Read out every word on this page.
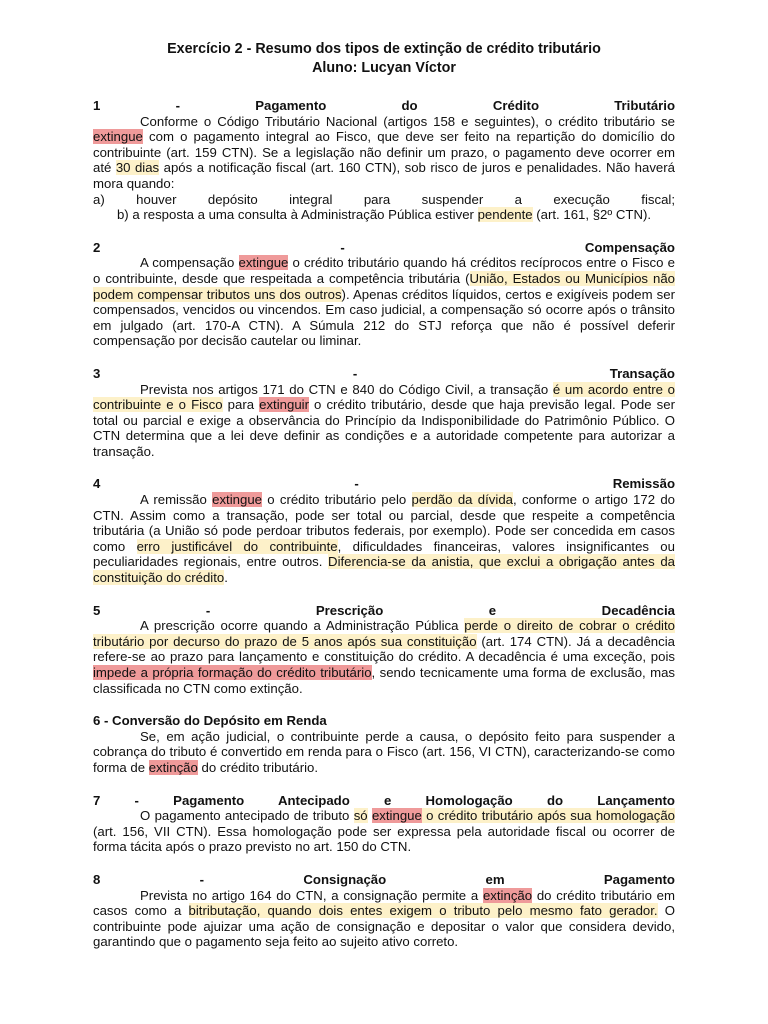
Exercício 2 - Resumo dos tipos de extinção de crédito tributário
Aluno: Lucyan Víctor
1	-	Pagamento	do	Crédito	Tributário
Conforme o Código Tributário Nacional (artigos 158 e seguintes), o crédito tributário se extingue com o pagamento integral ao Fisco, que deve ser feito na repartição do domicílio do contribuinte (art. 159 CTN). Se a legislação não definir um prazo, o pagamento deve ocorrer em até 30 dias após a notificação fiscal (art. 160 CTN), sob risco de juros e penalidades. Não haverá mora quando:
a) houver depósito integral para suspender a execução fiscal;
b) a resposta a uma consulta à Administração Pública estiver pendente (art. 161, §2º CTN).
2	-	Compensação
A compensação extingue o crédito tributário quando há créditos recíprocos entre o Fisco e o contribuinte, desde que respeitada a competência tributária (União, Estados ou Municípios não podem compensar tributos uns dos outros). Apenas créditos líquidos, certos e exigíveis podem ser compensados, vencidos ou vincendos. Em caso judicial, a compensação só ocorre após o trânsito em julgado (art. 170-A CTN). A Súmula 212 do STJ reforça que não é possível deferir compensação por decisão cautelar ou liminar.
3	-	Transação
Prevista nos artigos 171 do CTN e 840 do Código Civil, a transação é um acordo entre o contribuinte e o Fisco para extinguir o crédito tributário, desde que haja previsão legal. Pode ser total ou parcial e exige a observância do Princípio da Indisponibilidade do Patrimônio Público. O CTN determina que a lei deve definir as condições e a autoridade competente para autorizar a transação.
4	-	Remissão
A remissão extingue o crédito tributário pelo perdão da dívida, conforme o artigo 172 do CTN. Assim como a transação, pode ser total ou parcial, desde que respeite a competência tributária (a União só pode perdoar tributos federais, por exemplo). Pode ser concedida em casos como erro justificável do contribuinte, dificuldades financeiras, valores insignificantes ou peculiaridades regionais, entre outros. Diferencia-se da anistia, que exclui a obrigação antes da constituição do crédito.
5	-	Prescrição	e	Decadência
A prescrição ocorre quando a Administração Pública perde o direito de cobrar o crédito tributário por decurso do prazo de 5 anos após sua constituição (art. 174 CTN). Já a decadência refere-se ao prazo para lançamento e constituição do crédito. A decadência é uma exceção, pois impede a própria formação do crédito tributário, sendo tecnicamente uma forma de exclusão, mas classificada no CTN como extinção.
6 - Conversão do Depósito em Renda
Se, em ação judicial, o contribuinte perde a causa, o depósito feito para suspender a cobrança do tributo é convertido em renda para o Fisco (art. 156, VI CTN), caracterizando-se como forma de extinção do crédito tributário.
7	-	Pagamento	Antecipado	e	Homologação	do	Lançamento
O pagamento antecipado de tributo só extingue o crédito tributário após sua homologação (art. 156, VII CTN). Essa homologação pode ser expressa pela autoridade fiscal ou ocorrer de forma tácita após o prazo previsto no art. 150 do CTN.
8	-	Consignação	em	Pagamento
Prevista no artigo 164 do CTN, a consignação permite a extinção do crédito tributário em casos como a bitributação, quando dois entes exigem o tributo pelo mesmo fato gerador. O contribuinte pode ajuizar uma ação de consignação e depositar o valor que considera devido, garantindo que o pagamento seja feito ao sujeito ativo correto.
